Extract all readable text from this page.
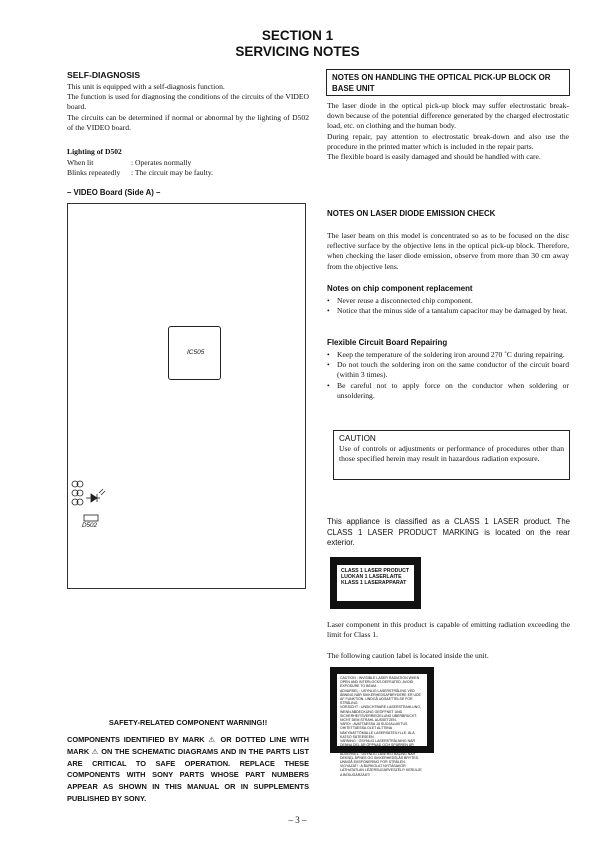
SECTION 1
SERVICING NOTES
SELF-DIAGNOSIS
This unit is equipped with a self-diagnosis function.
The function is used for diagnosing the conditions of the circuits of the VIDEO board.
The circuits can be determined if normal or abnormal by the lighting of D502 of the VIDEO board.
Lighting of D502
When lit	: Operates normally
Blinks repeatedly : The circuit may be faulty.
– VIDEO Board (Side A) –
IC505
D502
SAFETY-RELATED COMPONENT WARNING!!
COMPONENTS IDENTIFIED BY MARK ⚠ OR DOTTED LINE WITH MARK ⚠ ON THE SCHEMATIC DIAGRAMS AND IN THE PARTS LIST ARE CRITICAL TO SAFE OPERATION. REPLACE THESE COMPONENTS WITH SONY PARTS WHOSE PART NUMBERS APPEAR AS SHOWN IN THIS MANUAL OR IN SUPPLEMENTS PUBLISHED BY SONY.
NOTES ON HANDLING THE OPTICAL PICK-UP BLOCK OR BASE UNIT
The laser diode in the optical pick-up block may suffer electrostatic break-down because of the potential difference generated by the charged electrostatic load, etc. on clothing and the human body.
During repair, pay attention to electrostatic break-down and also use the procedure in the printed matter which is included in the repair parts.
The flexible board is easily damaged and should be handled with care.
NOTES ON LASER DIODE EMISSION CHECK
The laser beam on this model is concentrated so as to be focused on the disc reflective surface by the objective lens in the optical pick-up block. Therefore, when checking the laser diode emission, observe from more than 30 cm away from the objective lens.
Notes on chip component replacement
• Never reuse a disconnected chip component.
• Notice that the minus side of a tantalum capacitor may be damaged by heat.
Flexible Circuit Board Repairing
• Keep the temperature of the soldering iron around 270 ˚C during repairing.
• Do not touch the soldering iron on the same conductor of the circuit board (within 3 times).
• Be careful not to apply force on the conductor when soldering or unsoldering.
CAUTION
Use of controls or adjustments or performance of procedures other than those specified herein may result in hazardous radiation exposure.
This appliance is classified as a CLASS 1 LASER product. The CLASS 1 LASER PRODUCT MARKING is located on the rear exterior.
CLASS 1 LASER PRODUCT
LUOKAN 1 LASERLAITE
KLASS 1 LASERAPPARAT
Laser component in this product is capable of emitting radiation exceeding the limit for Class 1.
The following caution label is located inside the unit.
CAUTION : INVISIBLE LASER RADIATION WHEN OPEN AND INTERLOCKS DEFEATED. AVOID EXPOSURE TO BEAM.
ADVARSEL : USYNLIG LASERSTRÅLING VED ÅBNING NÅR SIKKERHEDSAFBRYDERE ER UDE AF FUNKTION. UNDGÅ UDSAETTELSE FOR STRÅLING.
VORSICHT : UNSICHTBARE LASERSTRAHLUNG, WENN ABDECKUNG GEÖFFNET UND SICHERHEITSVERRIEGELUNG ÜBERBRÜCKT. NICHT DEM STRAHL AUSSETZEN.
VARO! : AVATTAESSA JA SUOJALUKITUS OHITETTAESSA OLET ALTTIINA NÄKYMÄTTÖMÄLLE LASERSÄTEILYLLE. ÄLÄ KATSO SÄTEESEEN.
VARNING : OSYNLIG LASERSTRÅLNING NÄR DENNA DEL ÄR ÖPPNAD OCH SPÄRREN ÄR URKOPPLAD. BETRAKTA EJ STRÅLEN.
ADVERSEL : USYNLIG LASERSTRÅLING NÅR DEKSEL ÅPNES OG SIKKERHEDSLÅS BRYTES. UNNGÅ EKSPONERING FOR STRÅLEN.
VIGYAZAT! : A BURKOLAT NYITÁSAKOR LÁTHATATLAN LÉZERSUGÁRVESZÉLY! KERÜLJE A BESUGÁRZÁST!
– 3 –
